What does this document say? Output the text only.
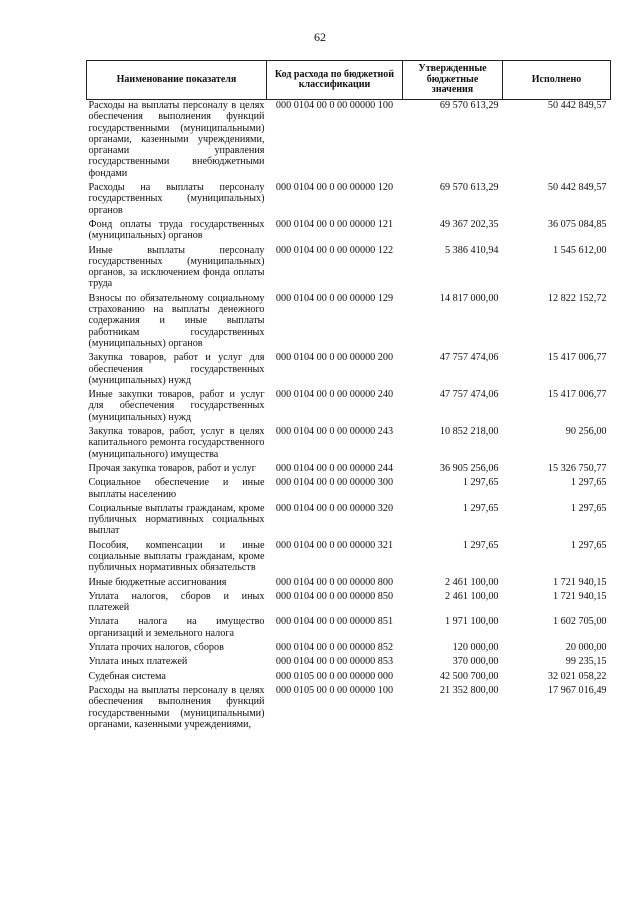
62
Наименование показателя	Код расхода по бюджетной классификации	Утвержденные бюджетные значения	Исполнено
Расходы на выплаты персоналу в целях обеспечения выполнения функций государственными (муниципальными) органами, казенными учреждениями, органами управления государственными внебюджетными фондами	000 0104 00 0 00 00000 100	69 570 613,29	50 442 849,57
Расходы на выплаты персоналу государственных (муниципальных) органов	000 0104 00 0 00 00000 120	69 570 613,29	50 442 849,57
Фонд оплаты труда государственных (муниципальных) органов	000 0104 00 0 00 00000 121	49 367 202,35	36 075 084,85
Иные выплаты персоналу государственных (муниципальных) органов, за исключением фонда оплаты труда	000 0104 00 0 00 00000 122	5 386 410,94	1 545 612,00
Взносы по обязательному социальному страхованию на выплаты денежного содержания и иные выплаты работникам государственных (муниципальных) органов	000 0104 00 0 00 00000 129	14 817 000,00	12 822 152,72
Закупка товаров, работ и услуг для обеспечения государственных (муниципальных) нужд	000 0104 00 0 00 00000 200	47 757 474,06	15 417 006,77
Иные закупки товаров, работ и услуг для обеспечения государственных (муниципальных) нужд	000 0104 00 0 00 00000 240	47 757 474,06	15 417 006,77
Закупка товаров, работ, услуг в целях капитального ремонта государственного (муниципального) имущества	000 0104 00 0 00 00000 243	10 852 218,00	90 256,00
Прочая закупка товаров, работ и услуг	000 0104 00 0 00 00000 244	36 905 256,06	15 326 750,77
Социальное обеспечение и иные выплаты населению	000 0104 00 0 00 00000 300	1 297,65	1 297,65
Социальные выплаты гражданам, кроме публичных нормативных социальных выплат	000 0104 00 0 00 00000 320	1 297,65	1 297,65
Пособия, компенсации и иные социальные выплаты гражданам, кроме публичных нормативных обязательств	000 0104 00 0 00 00000 321	1 297,65	1 297,65
Иные бюджетные ассигнования	000 0104 00 0 00 00000 800	2 461 100,00	1 721 940,15
Уплата налогов, сборов и иных платежей	000 0104 00 0 00 00000 850	2 461 100,00	1 721 940,15
Уплата налога на имущество организаций и земельного налога	000 0104 00 0 00 00000 851	1 971 100,00	1 602 705,00
Уплата прочих налогов, сборов	000 0104 00 0 00 00000 852	120 000,00	20 000,00
Уплата иных платежей	000 0104 00 0 00 00000 853	370 000,00	99 235,15
Судебная система	000 0105 00 0 00 00000 000	42 500 700,00	32 021 058,22
Расходы на выплаты персоналу в целях обеспечения выполнения функций государственными (муниципальными) органами, казенными учреждениями,	000 0105 00 0 00 00000 100	21 352 800,00	17 967 016,49
